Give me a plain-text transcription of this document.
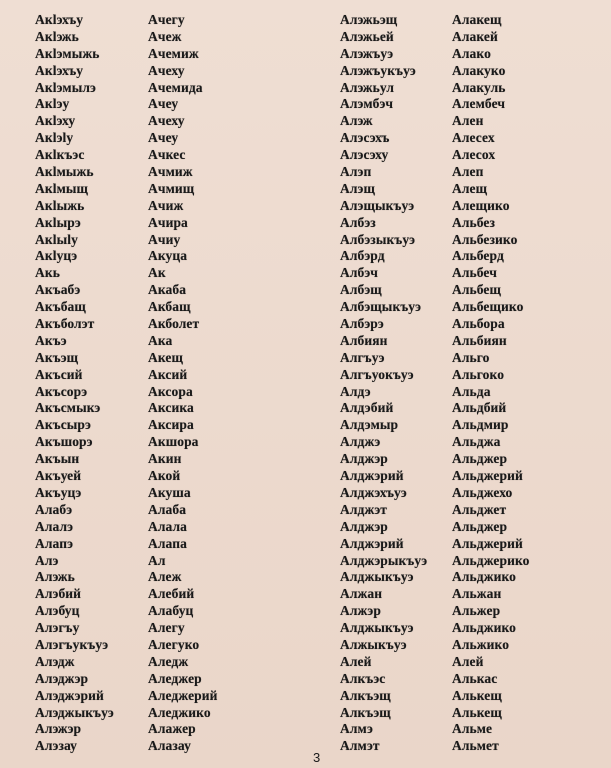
Акlэхъу
Акlэжь
Акlэмыжь
Акlэхъу
Акlэмылэ
Акlэу
Акlэху
Акlэlу
Акlкъэс
Акlмыжь
Акlмыщ
Акlыжь
Акlырэ
Акlыlу
Акlуцэ
Акь
Акъабэ
Акъбащ
Акъболэт
Акъэ
Акъэщ
Акъсий
Акъсорэ
Акъсмыкэ
Акъсырэ
Акъшорэ
Акъын
Акъуей
Акъуцэ
Алабэ
Алалэ
Алапэ
Алэ
Алэжь
Алэбий
Алэбуц
Алэгъу
Алэгъукъуэ
Алэдж
Алэджэр
Алэджэрий
Алэджыкъуэ
Алэжэр
Алэзау
Ачегу
Ачеж
Ачемиж
Ачеху
Ачемида
Ачеу
Ачеху
Ачеу
Ачкес
Ачмиж
Ачмищ
Ачиж
Ачира
Ачиу
Акуца
Ак
Акаба
Акбащ
Акболет
Ака
Акещ
Аксий
Аксора
Аксика
Аксира
Акшора
Акин
Акой
Акуша
Алаба
Алала
Алапа
Ал
Алеж
Алебий
Алабуц
Алегу
Алегуко
Аледж
Аледжер
Аледжерий
Аледжико
Алажер
Алазау
Алэжьэщ
Алэжьей
Алэжъуэ
Алэжъукъуэ
Алэжьул
Алэмбэч
Алэж
Алэсэхъ
Алэсэху
Алэп
Алэщ
Алэщыкъуэ
Албэз
Албэзыкъуэ
Албэрд
Албэч
Албэщ
Албэщыкъуэ
Албэрэ
Албиян
Алгъуэ
Алгъуокъуэ
Алдэ
Алдэбий
Алдэмыр
Алджэ
Алджэр
Алджэрий
Алджэхъуэ
Алджэт
Алджэр
Алджэрий
Алджэрыкъуэ
Алджыкъуэ
Алжан
Алжэр
Алджыкъуэ
Алжыкъуэ
Алей
Алкъэс
Алкъэщ
Алкъэщ
Алмэ
Алмэт
Алакещ
Алакей
Алако
Алакуко
Алакуль
Алембеч
Ален
Алесех
Алесох
Алеп
Алещ
Алещико
Альбез
Альбезико
Альберд
Альбеч
Альбещ
Альбещико
Альбора
Альбиян
Альго
Альгоко
Альда
Альдбий
Альдмир
Альджа
Альджер
Альджерий
Альджехо
Альджет
Альджер
Альджерий
Альджерико
Альджико
Альжан
Альжер
Альджико
Альжико
Алей
Алькас
Алькещ
Алькещ
Альме
Альмет
3
